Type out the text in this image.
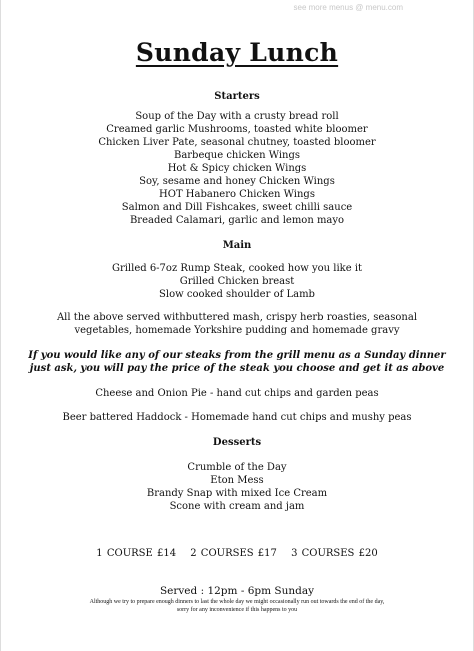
see more menus @ menu.com
Sunday Lunch
Starters
Soup of the Day with a crusty bread roll
Creamed garlic Mushrooms, toasted white bloomer
Chicken Liver Pate, seasonal chutney, toasted bloomer
Barbeque chicken Wings
Hot & Spicy chicken Wings
Soy, sesame and honey Chicken Wings
HOT Habanero Chicken Wings
Salmon and Dill Fishcakes, sweet chilli sauce
Breaded Calamari, garlic and lemon mayo
Main
Grilled 6-7oz Rump Steak, cooked how you like it
Grilled Chicken breast
Slow cooked shoulder of Lamb
All the above served withbuttered mash, crispy herb roasties, seasonal
vegetables, homemade Yorkshire pudding and homemade gravy
If you would like any of our steaks from the grill menu as a Sunday dinner
just ask, you will pay the price of the steak you choose and get it as above
Cheese and Onion Pie - hand cut chips and garden peas
Beer battered Haddock - Homemade hand cut chips and mushy peas
Desserts
Crumble of the Day
Eton Mess
Brandy Snap with mixed Ice Cream
Scone with cream and jam
1 COURSE £14 2 COURSES £17 3 COURSES £20
Served : 12pm - 6pm Sunday
Although we try to prepare enough dinners to last the whole day we might occasionally run out towards the end of the day,
sorry for any inconvenience if this happens to you
